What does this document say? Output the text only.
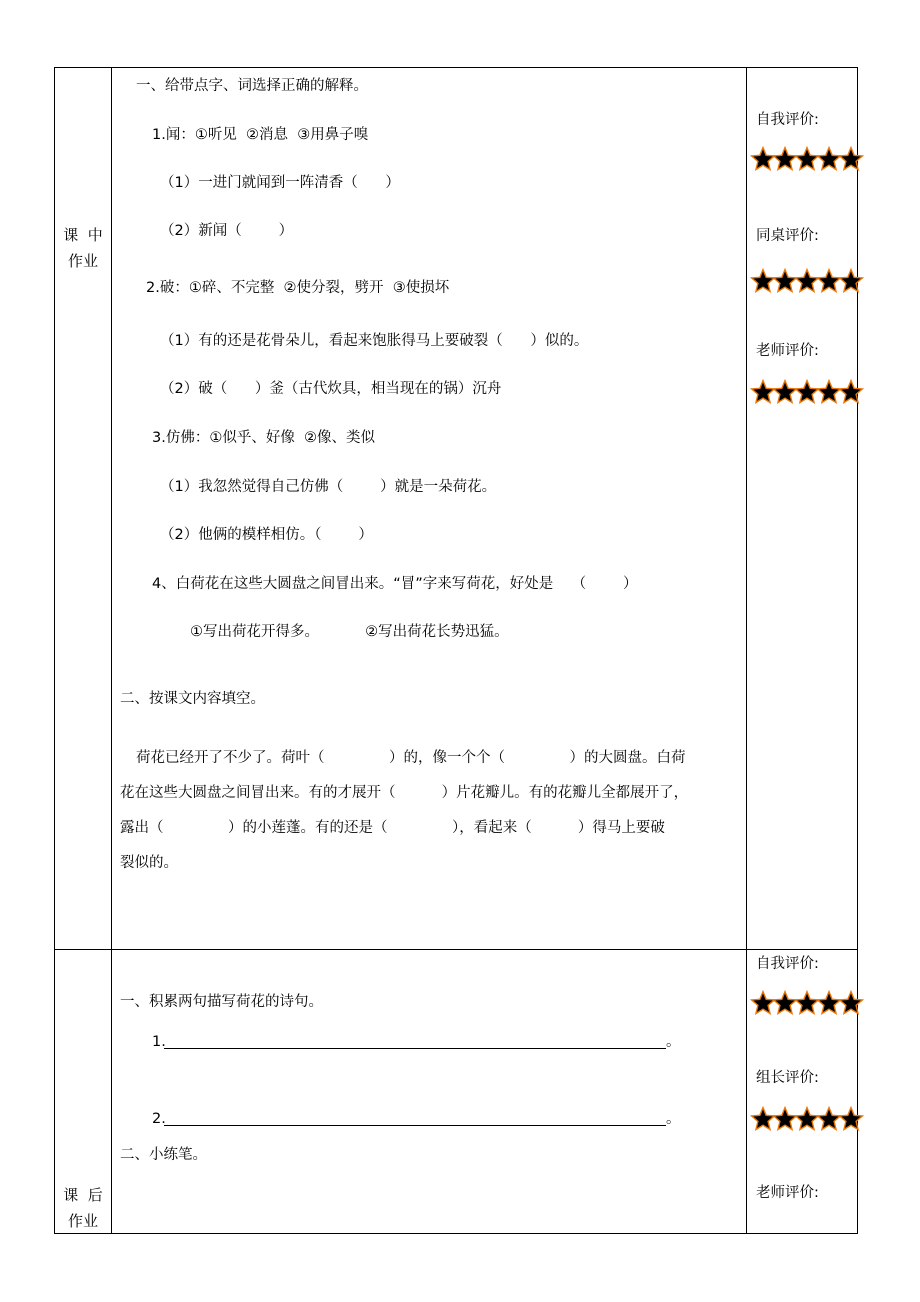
课  中
作业
一、给带点字、词选择正确的解释。
1.闻：①听见  ②消息  ③用鼻子嗅
（1）一进门就闻到一阵清香（      ）
（2）新闻（        ）
2.破：①碎、不完整  ②使分裂，劈开  ③使损坏
（1）有的还是花骨朵儿，看起来饱胀得马上要破裂（      ）似的。
（2）破（      ）釜（古代炊具，相当现在的锅）沉舟
3.仿佛：①似乎、好像  ②像、类似
（1）我忽然觉得自己仿佛（        ）就是一朵荷花。
（2）他俩的模样相仿。（        ）
4、白荷花在这些大圆盘之间冒出来。“冒”字来写荷花，好处是    （        ）
①写出荷花开得多。          ②写出荷花长势迅猛。
二、按课文内容填空。
荷花已经开了不少了。荷叶（              ）的，像一个个（              ）的大圆盘。白荷
花在这些大圆盘之间冒出来。有的才展开（          ）片花瓣儿。有的花瓣儿全都展开了，
露出（              ）的小莲蓬。有的还是（              ），看起来（          ）得马上要破
裂似的。
自我评价:
同桌评价:
老师评价:
课  后
作业
一、积累两句描写荷花的诗句。
1.	。
2.	。
二、小练笔。
自我评价:
组长评价:
老师评价:
